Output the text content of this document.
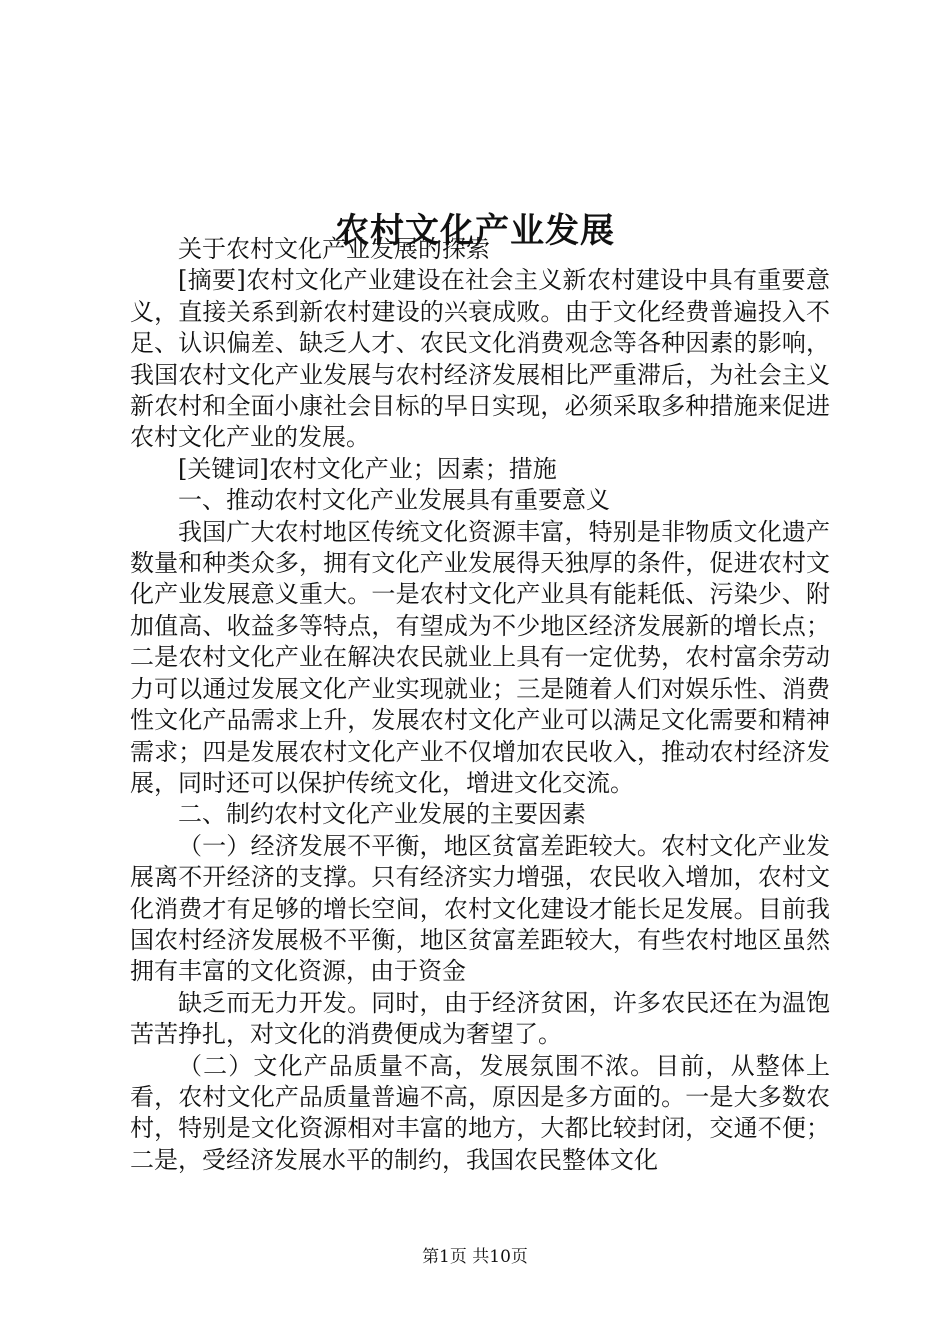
农村文化产业发展

关于农村文化产业发展的探索

[摘要]农村文化产业建设在社会主义新农村建设中具有重要意义，直接关系到新农村建设的兴衰成败。由于文化经费普遍投入不足、认识偏差、缺乏人才、农民文化消费观念等各种因素的影响，我国农村文化产业发展与农村经济发展相比严重滞后，为社会主义新农村和全面小康社会目标的早日实现，必须采取多种措施来促进农村文化产业的发展。

[关键词]农村文化产业；因素；措施

一、推动农村文化产业发展具有重要意义

我国广大农村地区传统文化资源丰富，特别是非物质文化遗产数量和种类众多，拥有文化产业发展得天独厚的条件，促进农村文化产业发展意义重大。一是农村文化产业具有能耗低、污染少、附加值高、收益多等特点，有望成为不少地区经济发展新的增长点；二是农村文化产业在解决农民就业上具有一定优势，农村富余劳动力可以通过发展文化产业实现就业；三是随着人们对娱乐性、消费性文化产品需求上升，发展农村文化产业可以满足文化需要和精神需求；四是发展农村文化产业不仅增加农民收入，推动农村经济发展，同时还可以保护传统文化，增进文化交流。

二、制约农村文化产业发展的主要因素

（一）经济发展不平衡，地区贫富差距较大。农村文化产业发展离不开经济的支撑。只有经济实力增强，农民收入增加，农村文化消费才有足够的增长空间，农村文化建设才能长足发展。目前我国农村经济发展极不平衡，地区贫富差距较大，有些农村地区虽然拥有丰富的文化资源，由于资金

缺乏而无力开发。同时，由于经济贫困，许多农民还在为温饱苦苦挣扎，对文化的消费便成为奢望了。

（二）文化产品质量不高，发展氛围不浓。目前，从整体上看，农村文化产品质量普遍不高，原因是多方面的。一是大多数农村，特别是文化资源相对丰富的地方，大都比较封闭，交通不便；二是，受经济发展水平的制约，我国农民整体文化

第1页 共10页
